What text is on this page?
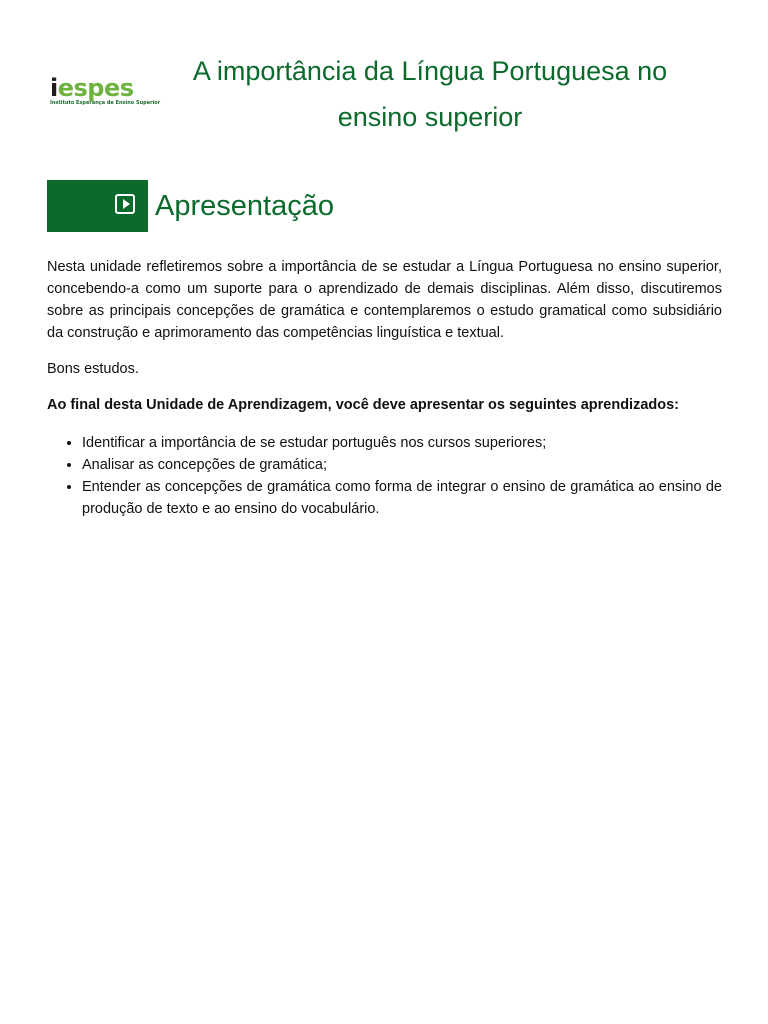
iespes
Instituto Esperança de Ensino Superior
A importância da Língua Portuguesa no ensino superior
Apresentação

Nesta unidade refletiremos sobre a importância de se estudar a Língua Portuguesa no ensino superior, concebendo-a como um suporte para o aprendizado de demais disciplinas. Além disso, discutiremos sobre as principais concepções de gramática e contemplaremos o estudo gramatical como subsidiário da construção e aprimoramento das competências linguística e textual.

Bons estudos.

Ao final desta Unidade de Aprendizagem, você deve apresentar os seguintes aprendizados:

• Identificar a importância de se estudar português nos cursos superiores;
• Analisar as concepções de gramática;
• Entender as concepções de gramática como forma de integrar o ensino de gramática ao ensino de produção de texto e ao ensino do vocabulário.
